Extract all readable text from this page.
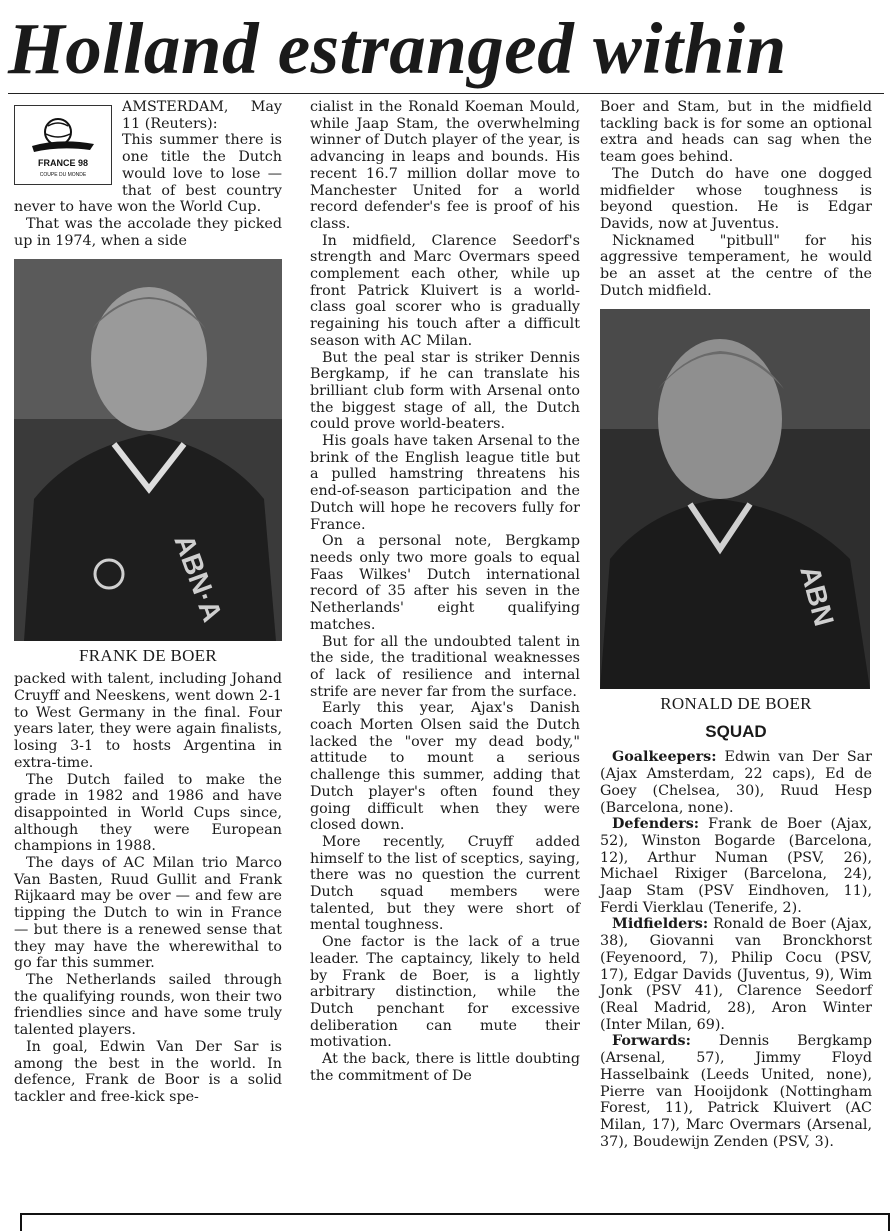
Holland estranged within
FRANCE 98
COUPE DU MONDE

AMSTERDAM, May 11 (Reuters):

This summer there is one title the Dutch would love to lose — that of best country never to have won the World Cup.

That was the accolade they picked up in 1974, when a side

ABN·A
FRANK DE BOER

packed with talent, including Johand Cruyff and Neeskens, went down 2-1 to West Germany in the final. Four years later, they were again finalists, losing 3-1 to hosts Argentina in extra-time.

The Dutch failed to make the grade in 1982 and 1986 and have disappointed in World Cups since, although they were European champions in 1988.

The days of AC Milan trio Marco Van Basten, Ruud Gullit and Frank Rijkaard may be over — and few are tipping the Dutch to win in France — but there is a renewed sense that they may have the wherewithal to go far this summer.

The Netherlands sailed through the qualifying rounds, won their two friendlies since and have some truly talented players.

In goal, Edwin Van Der Sar is among the best in the world. In defence, Frank de Boor is a solid tackler and free-kick spe-

cialist in the Ronald Koeman Mould, while Jaap Stam, the overwhelming winner of Dutch player of the year, is advancing in leaps and bounds. His recent 16.7 million dollar move to Manchester United for a world record defender's fee is proof of his class.

In midfield, Clarence Seedorf's strength and Marc Overmars speed complement each other, while up front Patrick Kluivert is a world-class goal scorer who is gradually regaining his touch after a difficult season with AC Milan.

But the peal star is striker Dennis Bergkamp, if he can translate his brilliant club form with Arsenal onto the biggest stage of all, the Dutch could prove world-beaters.

His goals have taken Arsenal to the brink of the English league title but a pulled hamstring threatens his end-of-season participation and the Dutch will hope he recovers fully for France.

On a personal note, Bergkamp needs only two more goals to equal Faas Wilkes' Dutch international record of 35 after his seven in the Netherlands' eight qualifying matches.

But for all the undoubted talent in the side, the traditional weaknesses of lack of resilience and internal strife are never far from the surface.

Early this year, Ajax's Danish coach Morten Olsen said the Dutch lacked the "over my dead body," attitude to mount a serious challenge this summer, adding that Dutch player's often found they going difficult when they were closed down.

More recently, Cruyff added himself to the list of sceptics, saying, there was no question the current Dutch squad members were talented, but they were short of mental toughness.

One factor is the lack of a true leader. The captaincy, likely to held by Frank de Boer, is a lightly arbitrary distinction, while the Dutch penchant for excessive deliberation can mute their motivation.

At the back, there is little doubting the commitment of De

Boer and Stam, but in the midfield tackling back is for some an optional extra and heads can sag when the team goes behind.

The Dutch do have one dogged midfielder whose toughness is beyond question. He is Edgar Davids, now at Juventus.

Nicknamed "pitbull" for his aggressive temperament, he would be an asset at the centre of the Dutch midfield.

ABN
RONALD DE BOER
SQUAD

Goalkeepers: Edwin van Der Sar (Ajax Amsterdam, 22 caps), Ed de Goey (Chelsea, 30), Ruud Hesp (Barcelona, none).

Defenders: Frank de Boer (Ajax, 52), Winston Bogarde (Barcelona, 12), Arthur Numan (PSV, 26), Michael Rixiger (Barcelona, 24), Jaap Stam (PSV Eindhoven, 11), Ferdi Vierklau (Tenerife, 2).

Midfielders: Ronald de Boer (Ajax, 38), Giovanni van Bronckhorst (Feyenoord, 7), Philip Cocu (PSV, 17), Edgar Davids (Juventus, 9), Wim Jonk (PSV 41), Clarence Seedorf (Real Madrid, 28), Aron Winter (Inter Milan, 69).

Forwards: Dennis Bergkamp (Arsenal, 57), Jimmy Floyd Hasselbaink (Leeds United, none), Pierre van Hooijdonk (Nottingham Forest, 11), Patrick Kluivert (AC Milan, 17), Marc Overmars (Arsenal, 37), Boudewijn Zenden (PSV, 3).
